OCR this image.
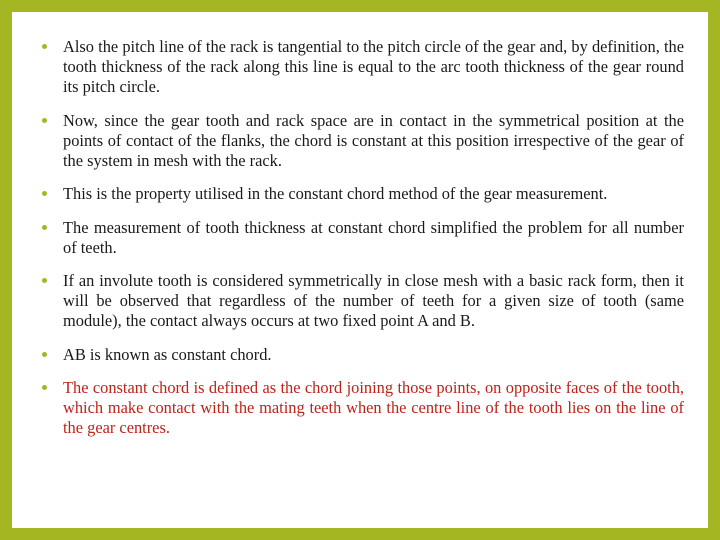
Also the pitch line of the rack is tangential to the pitch circle of the gear and, by definition, the tooth thickness of the rack along this line is equal to the arc tooth thickness of the gear round its pitch circle.
Now, since the gear tooth and rack space are in contact in the symmetrical position at the points of contact of the flanks, the chord is constant at this position irrespective of the gear of the system in mesh with the rack.
This is the property utilised in the constant chord method of the gear measurement.
The measurement of tooth thickness at constant chord simplified the problem for all number of teeth.
If an involute tooth is considered symmetrically in close mesh with a basic rack form, then it will be observed that regardless of the number of teeth for a given size of tooth (same module), the contact always occurs at two fixed point A and B.
AB is known as constant chord.
The constant chord is defined as the chord joining those points, on opposite faces of the tooth, which make contact with the mating teeth when the centre line of the tooth lies on the line of the gear centres.
